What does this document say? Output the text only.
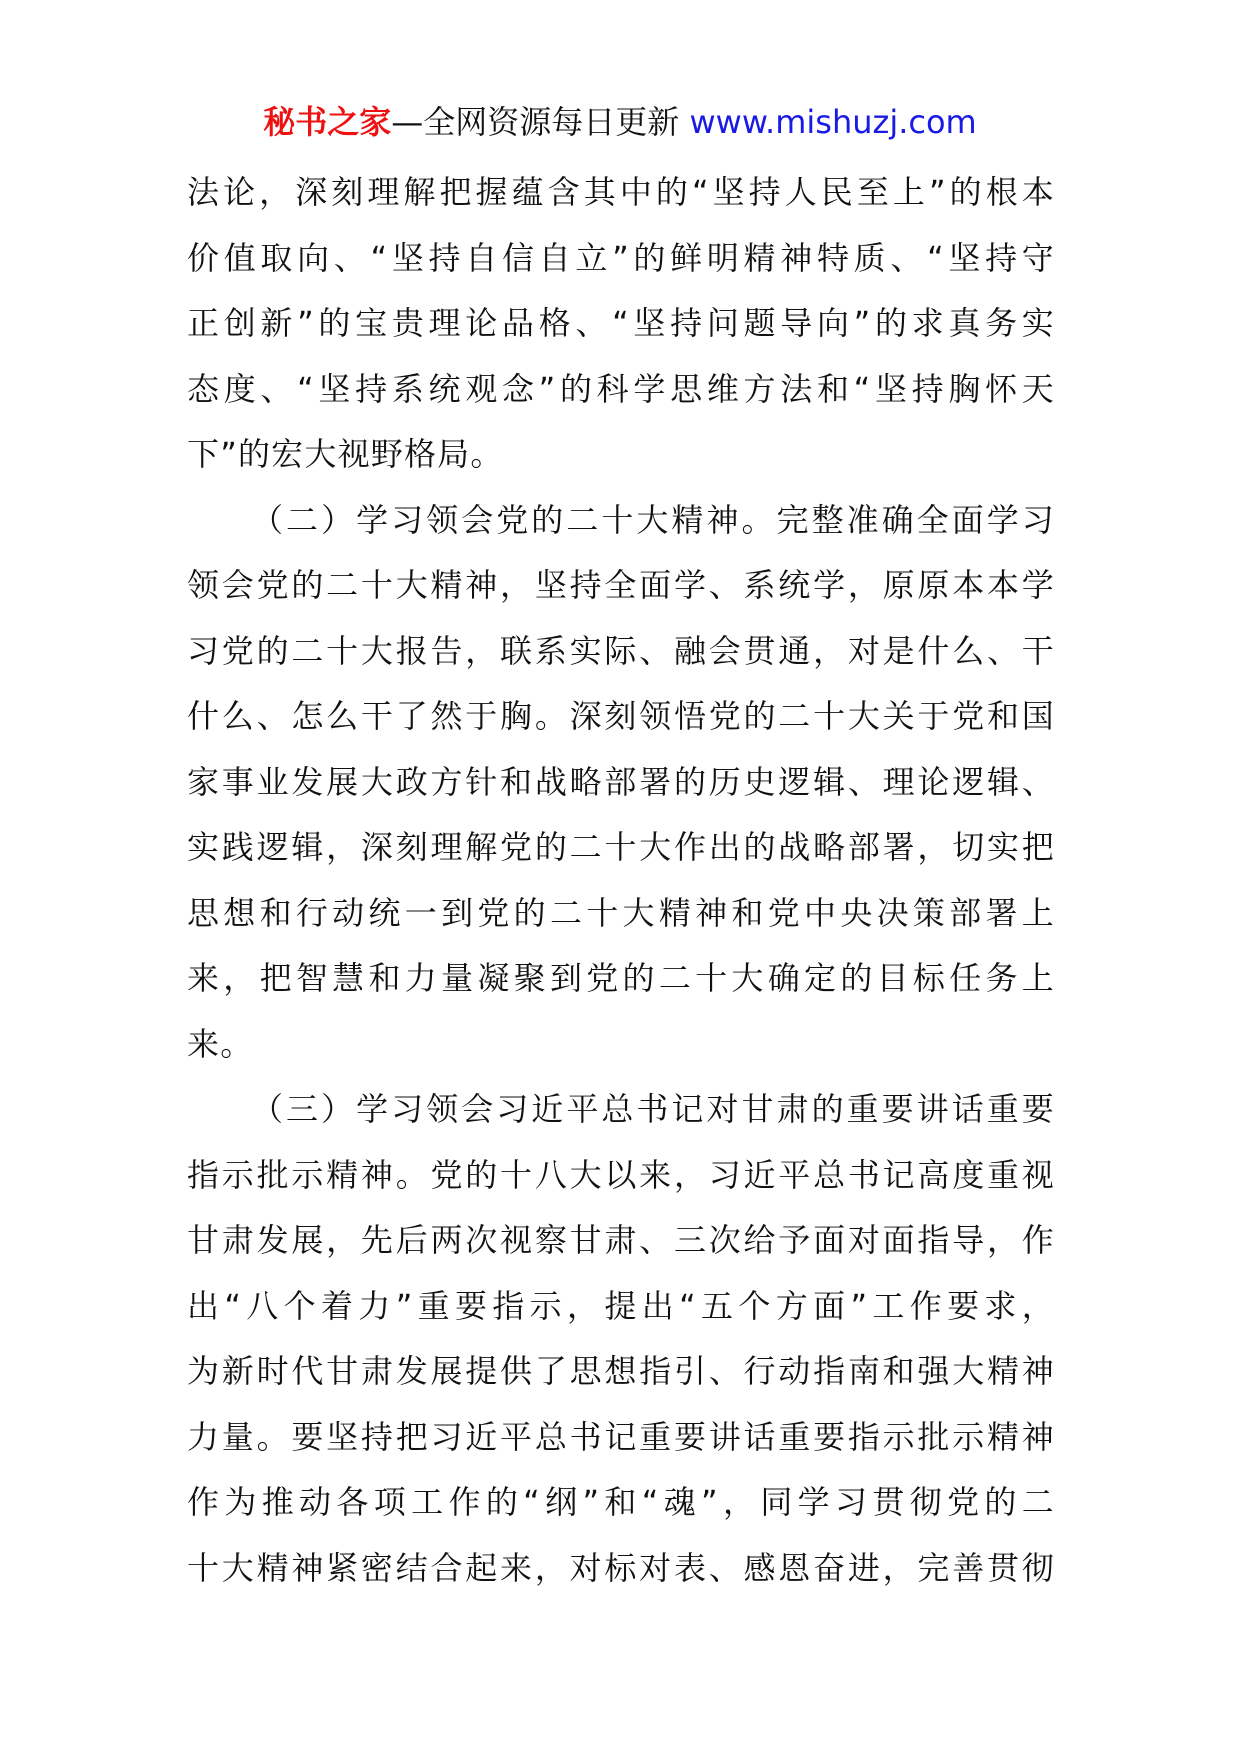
秘书之家—全网资源每日更新 www.mishuzj.com
法论，深刻理解把握蕴含其中的“坚持人民至上”的根本
价值取向、“坚持自信自立”的鲜明精神特质、“坚持守
正创新”的宝贵理论品格、“坚持问题导向”的求真务实
态度、“坚持系统观念”的科学思维方法和“坚持胸怀天
下”的宏大视野格局。
（二）学习领会党的二十大精神。完整准确全面学习
领会党的二十大精神，坚持全面学、系统学，原原本本学
习党的二十大报告，联系实际、融会贯通，对是什么、干
什么、怎么干了然于胸。深刻领悟党的二十大关于党和国
家事业发展大政方针和战略部署的历史逻辑、理论逻辑、
实践逻辑，深刻理解党的二十大作出的战略部署，切实把
思想和行动统一到党的二十大精神和党中央决策部署上
来，把智慧和力量凝聚到党的二十大确定的目标任务上
来。
（三）学习领会习近平总书记对甘肃的重要讲话重要
指示批示精神。党的十八大以来，习近平总书记高度重视
甘肃发展，先后两次视察甘肃、三次给予面对面指导，作
出“八个着力”重要指示，提出“五个方面”工作要求，
为新时代甘肃发展提供了思想指引、行动指南和强大精神
力量。要坚持把习近平总书记重要讲话重要指示批示精神
作为推动各项工作的“纲”和“魂”，同学习贯彻党的二
十大精神紧密结合起来，对标对表、感恩奋进，完善贯彻
